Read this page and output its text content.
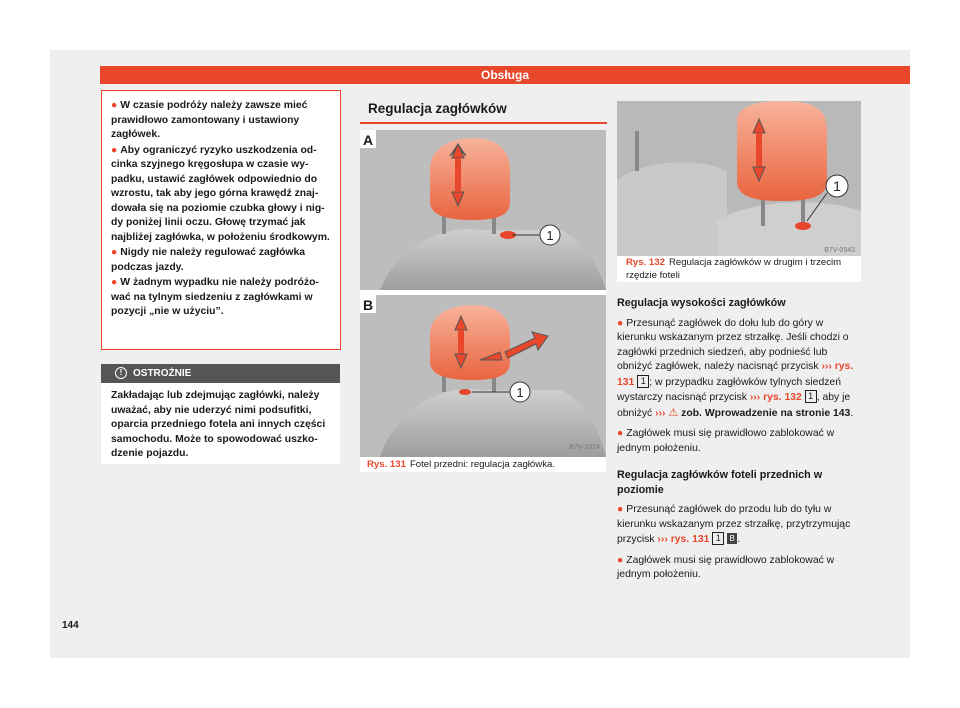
Obsługa

● W czasie podróży należy zawsze mieć prawidłowo zamontowany i ustawiony zagłówek.

● Aby ograniczyć ryzyko uszkodzenia odcinka szyjnego kręgosłupa w czasie wypadku, ustawić zagłówek odpowiednio do wzrostu, tak aby jego górna krawędź znajdowała się na poziomie czubka głowy i nigdy poniżej linii oczu. Głowę trzymać jak najbliżej zagłówka, w położeniu środkowym.

● Nigdy nie należy regulować zagłówka podczas jazdy.

● W żadnym wypadku nie należy podróżować na tylnym siedzeniu z zagłówkami w pozycji „nie w użyciu”.

! OSTROŻNIE

Zakładając lub zdejmując zagłówki, należy uważać, aby nie uderzyć nimi podsufitki, oparcia przedniego fotela ani innych części samochodu. Może to spowodować uszkodzenie pojazdu.

Regulacja zagłówków
1
1
A
B
B7V-1024
Rys. 131 Fotel przedni: regulacja zagłówka.
1
B7V-0943
Rys. 132 Regulacja zagłówków w drugim i trzecim rzędzie foteli

Regulacja wysokości zagłówków

● Przesunąć zagłówek do dołu lub do góry w kierunku wskazanym przez strzałkę. Jeśli chodzi o zagłówki przednich siedzeń, aby podnieść lub obniżyć zagłówek, należy nacisnąć przycisk ››› rys. 131 1 ; w przypadku zagłówków tylnych siedzeń wystarczy nacisnąć przycisk ››› rys. 132 1 , aby je obniżyć ››› ⚠ zob. Wprowadzenie na stronie 143.

● Zagłówek musi się prawidłowo zablokować w jednym położeniu.

Regulacja zagłówków foteli przednich w poziomie

● Przesunąć zagłówek do przodu lub do tyłu w kierunku wskazanym przez strzałkę, przytrzymując przycisk ››› rys. 131 1 B .

● Zagłówek musi się prawidłowo zablokować w jednym położeniu.

144
